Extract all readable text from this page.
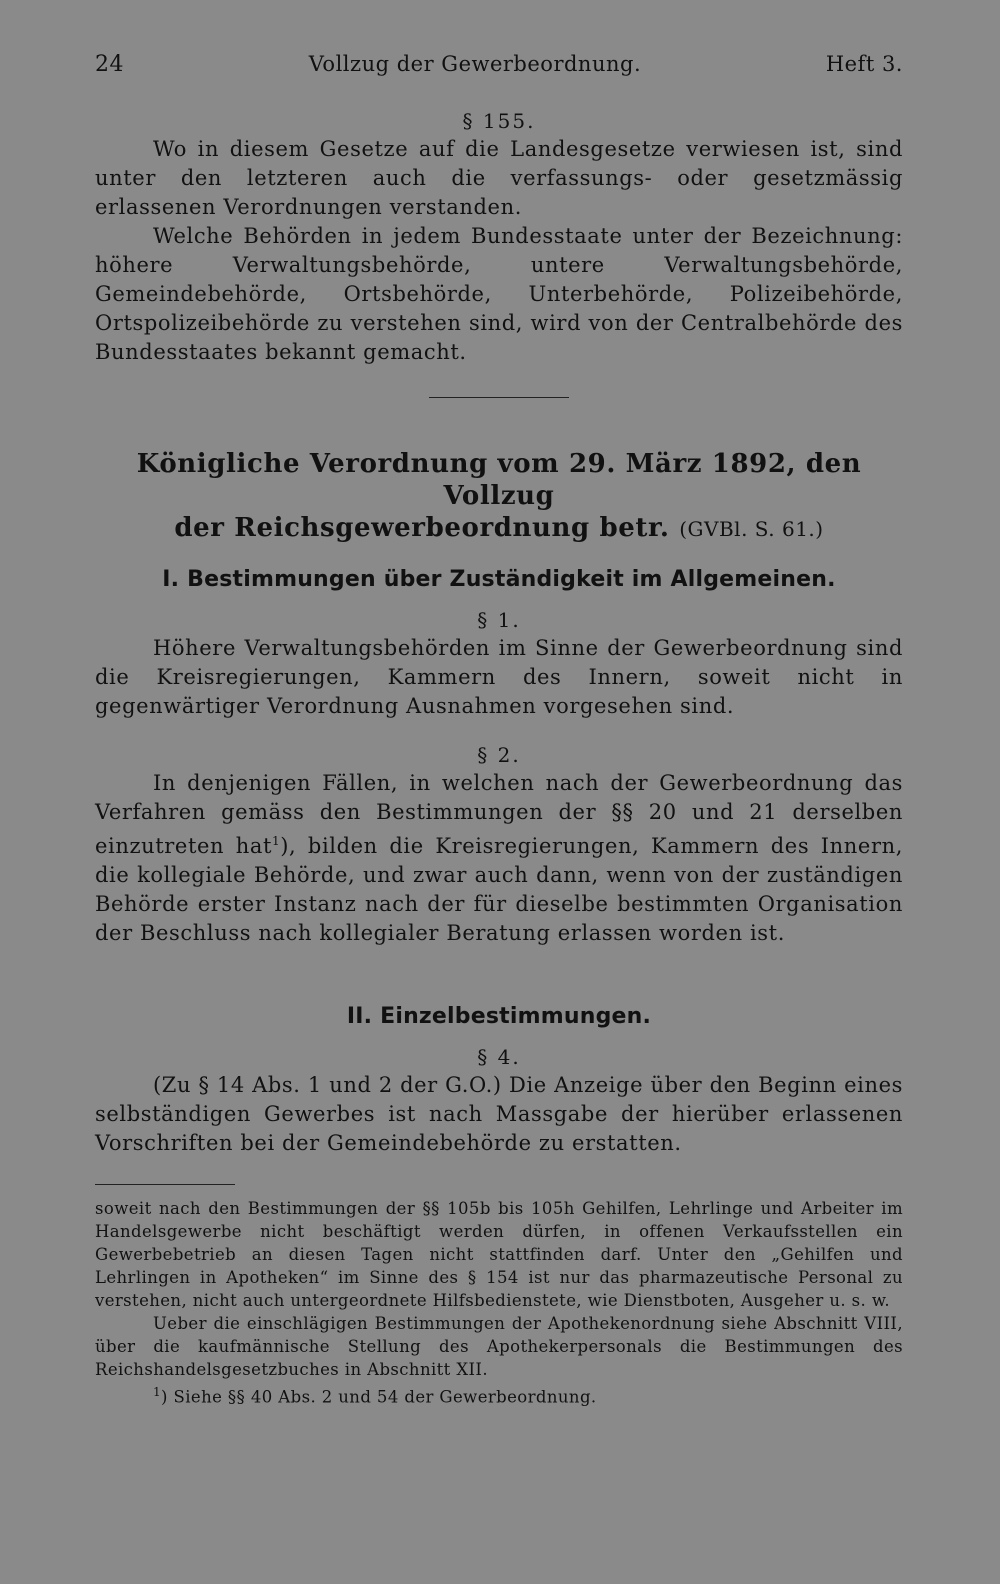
24	Vollzug der Gewerbeordnung.	Heft 3.
§ 155.

Wo in diesem Gesetze auf die Landesgesetze verwiesen ist, sind unter den letzteren auch die verfassungs- oder gesetzmässig erlassenen Verordnungen verstanden.

Welche Behörden in jedem Bundesstaate unter der Bezeichnung: höhere Verwaltungsbehörde, untere Verwaltungsbehörde, Gemeindebehörde, Ortsbehörde, Unterbehörde, Polizeibehörde, Ortspolizeibehörde zu verstehen sind, wird von der Centralbehörde des Bundesstaates bekannt gemacht.

Königliche Verordnung vom 29. März 1892, den Vollzug
der Reichsgewerbeordnung betr. (GVBl. S. 61.)
I. Bestimmungen über Zuständigkeit im Allgemeinen.
§ 1.

Höhere Verwaltungsbehörden im Sinne der Gewerbeordnung sind die Kreisregierungen, Kammern des Innern, soweit nicht in gegenwärtiger Verordnung Ausnahmen vorgesehen sind.

§ 2.

In denjenigen Fällen, in welchen nach der Gewerbeordnung das Verfahren gemäss den Bestimmungen der §§ 20 und 21 derselben einzutreten hat$^1$), bilden die Kreisregierungen, Kammern des Innern, die kollegiale Behörde, und zwar auch dann, wenn von der zuständigen Behörde erster Instanz nach der für dieselbe bestimmten Organisation der Beschluss nach kollegialer Beratung erlassen worden ist.

II. Einzelbestimmungen.
§ 4.

(Zu § 14 Abs. 1 und 2 der G.O.) Die Anzeige über den Beginn eines selbständigen Gewerbes ist nach Massgabe der hierüber erlassenen Vorschriften bei der Gemeindebehörde zu erstatten.

soweit nach den Bestimmungen der §§ 105b bis 105h Gehilfen, Lehrlinge und Arbeiter im Handelsgewerbe nicht beschäftigt werden dürfen, in offenen Verkaufsstellen ein Gewerbebetrieb an diesen Tagen nicht stattfinden darf. Unter den „Gehilfen und Lehrlingen in Apotheken“ im Sinne des § 154 ist nur das pharmazeutische Personal zu verstehen, nicht auch untergeordnete Hilfsbedienstete, wie Dienstboten, Ausgeher u. s. w.

Ueber die einschlägigen Bestimmungen der Apothekenordnung siehe Abschnitt VIII, über die kaufmännische Stellung des Apothekerpersonals die Bestimmungen des Reichshandelsgesetzbuches in Abschnitt XII.

$^1$) Siehe §§ 40 Abs. 2 und 54 der Gewerbeordnung.
